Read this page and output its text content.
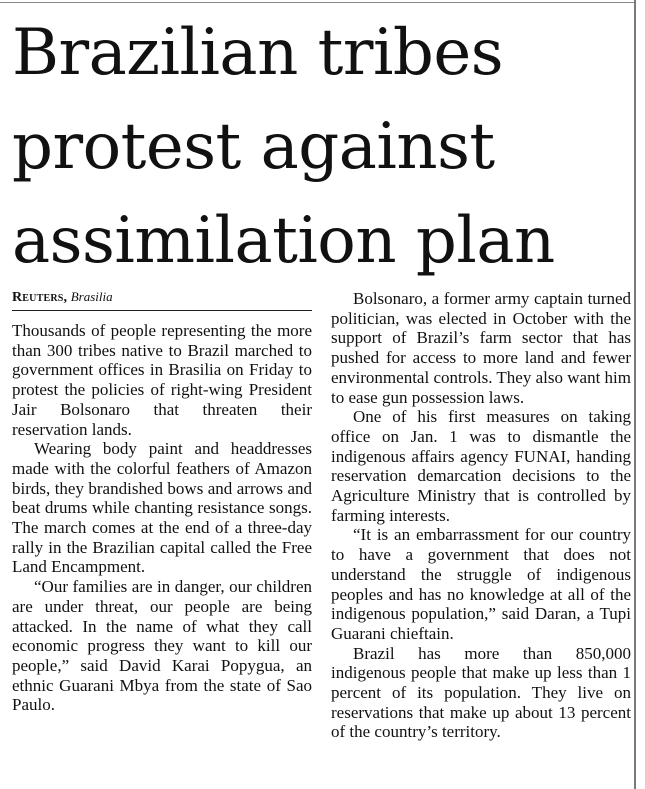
Brazilian tribes protest against assimilation plan
Reuters, Brasilia

Thousands of people representing the more than 300 tribes native to Brazil marched to government offices in Brasilia on Friday to protest the policies of right-wing President Jair Bolsonaro that threaten their reservation lands.

Wearing body paint and headdresses made with the colorful feathers of Amazon birds, they brandished bows and arrows and beat drums while chanting resistance songs. The march comes at the end of a three-day rally in the Brazilian capital called the Free Land Encampment.

“Our families are in danger, our children are under threat, our people are being attacked. In the name of what they call economic progress they want to kill our people,” said David Karai Popygua, an ethnic Guarani Mbya from the state of Sao Paulo.

Bolsonaro, a former army captain turned politician, was elected in October with the support of Brazil’s farm sector that has pushed for access to more land and fewer environmental controls. They also want him to ease gun possession laws.

One of his first measures on taking office on Jan. 1 was to dismantle the indigenous affairs agency FUNAI, handing reservation demarcation decisions to the Agriculture Ministry that is controlled by farming interests.

“It is an embarrassment for our country to have a government that does not understand the struggle of indigenous peoples and has no knowledge at all of the indigenous population,” said Daran, a Tupi Guarani chieftain.

Brazil has more than 850,000 indigenous people that make up less than 1 percent of its population. They live on reservations that make up about 13 percent of the country’s territory.
